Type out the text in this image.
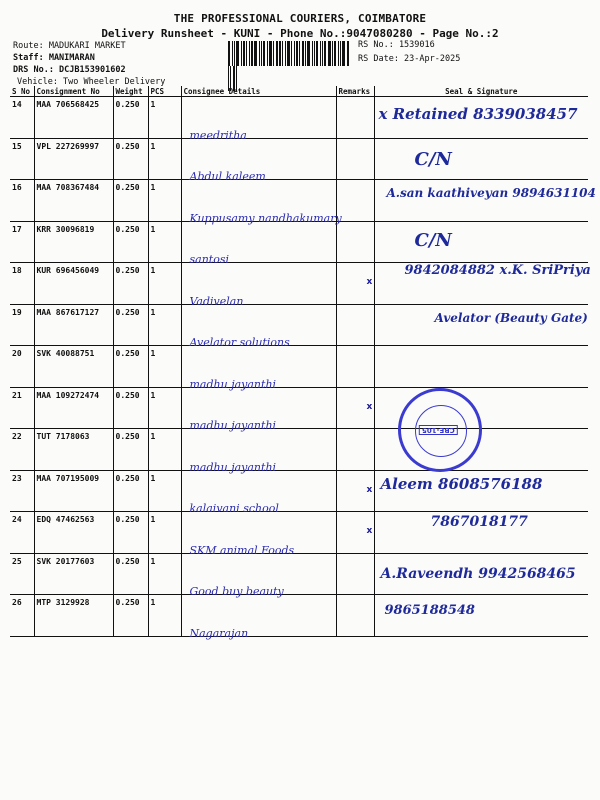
THE PROFESSIONAL COURIERS, COIMBATORE
Delivery Runsheet - KUNI - Phone No.:9047080280 - Page No.:2
Route: MADUKARI MARKET
Staff: MANIMARAN
DRS No.: DCJB153901602
Vehicle: Two Wheeler Delivery
RS No.: 1539016
RS Date: 23-Apr-2025
S No	Consignment No	Weight	PCS	Consignee Details	Remarks	Seal & Signature
14	MAA 706568425	0.250	1	meedritha		x Retained 8339038457

15	VPL 227269997	0.250	1	Abdul kaleem		C/N

16	MAA 708367484	0.250	1	Kuppusamy nandhakumary		A.san kaathiveyan 9894631104

17	KRR 30096819	0.250	1	santosi		C/N

18	KUR 696456049	0.250	1	Vadivelan	x	9842084882 x.K. SriPriya

19	MAA 867617127	0.250	1	Avelator solutions		Avelator (Beauty Gate)

20	SVK 40088751	0.250	1	madhu jayanthi		

21	MAA 109272474	0.250	1	madhu jayanthi	x	

22	TUT 7178063	0.250	1	madhu jayanthi		

23	MAA 707195009	0.250	1	kalaivani school	x	Aleem 8608576188

24	EDQ 47462563	0.250	1	SKM animal Foods	x	7867018177

25	SVK 20177603	0.250	1	Good buy beauty		A.Raveendh 9942568465

26	MTP 3129928	0.250	1	Nagarajan		9865188548
CBE-105
